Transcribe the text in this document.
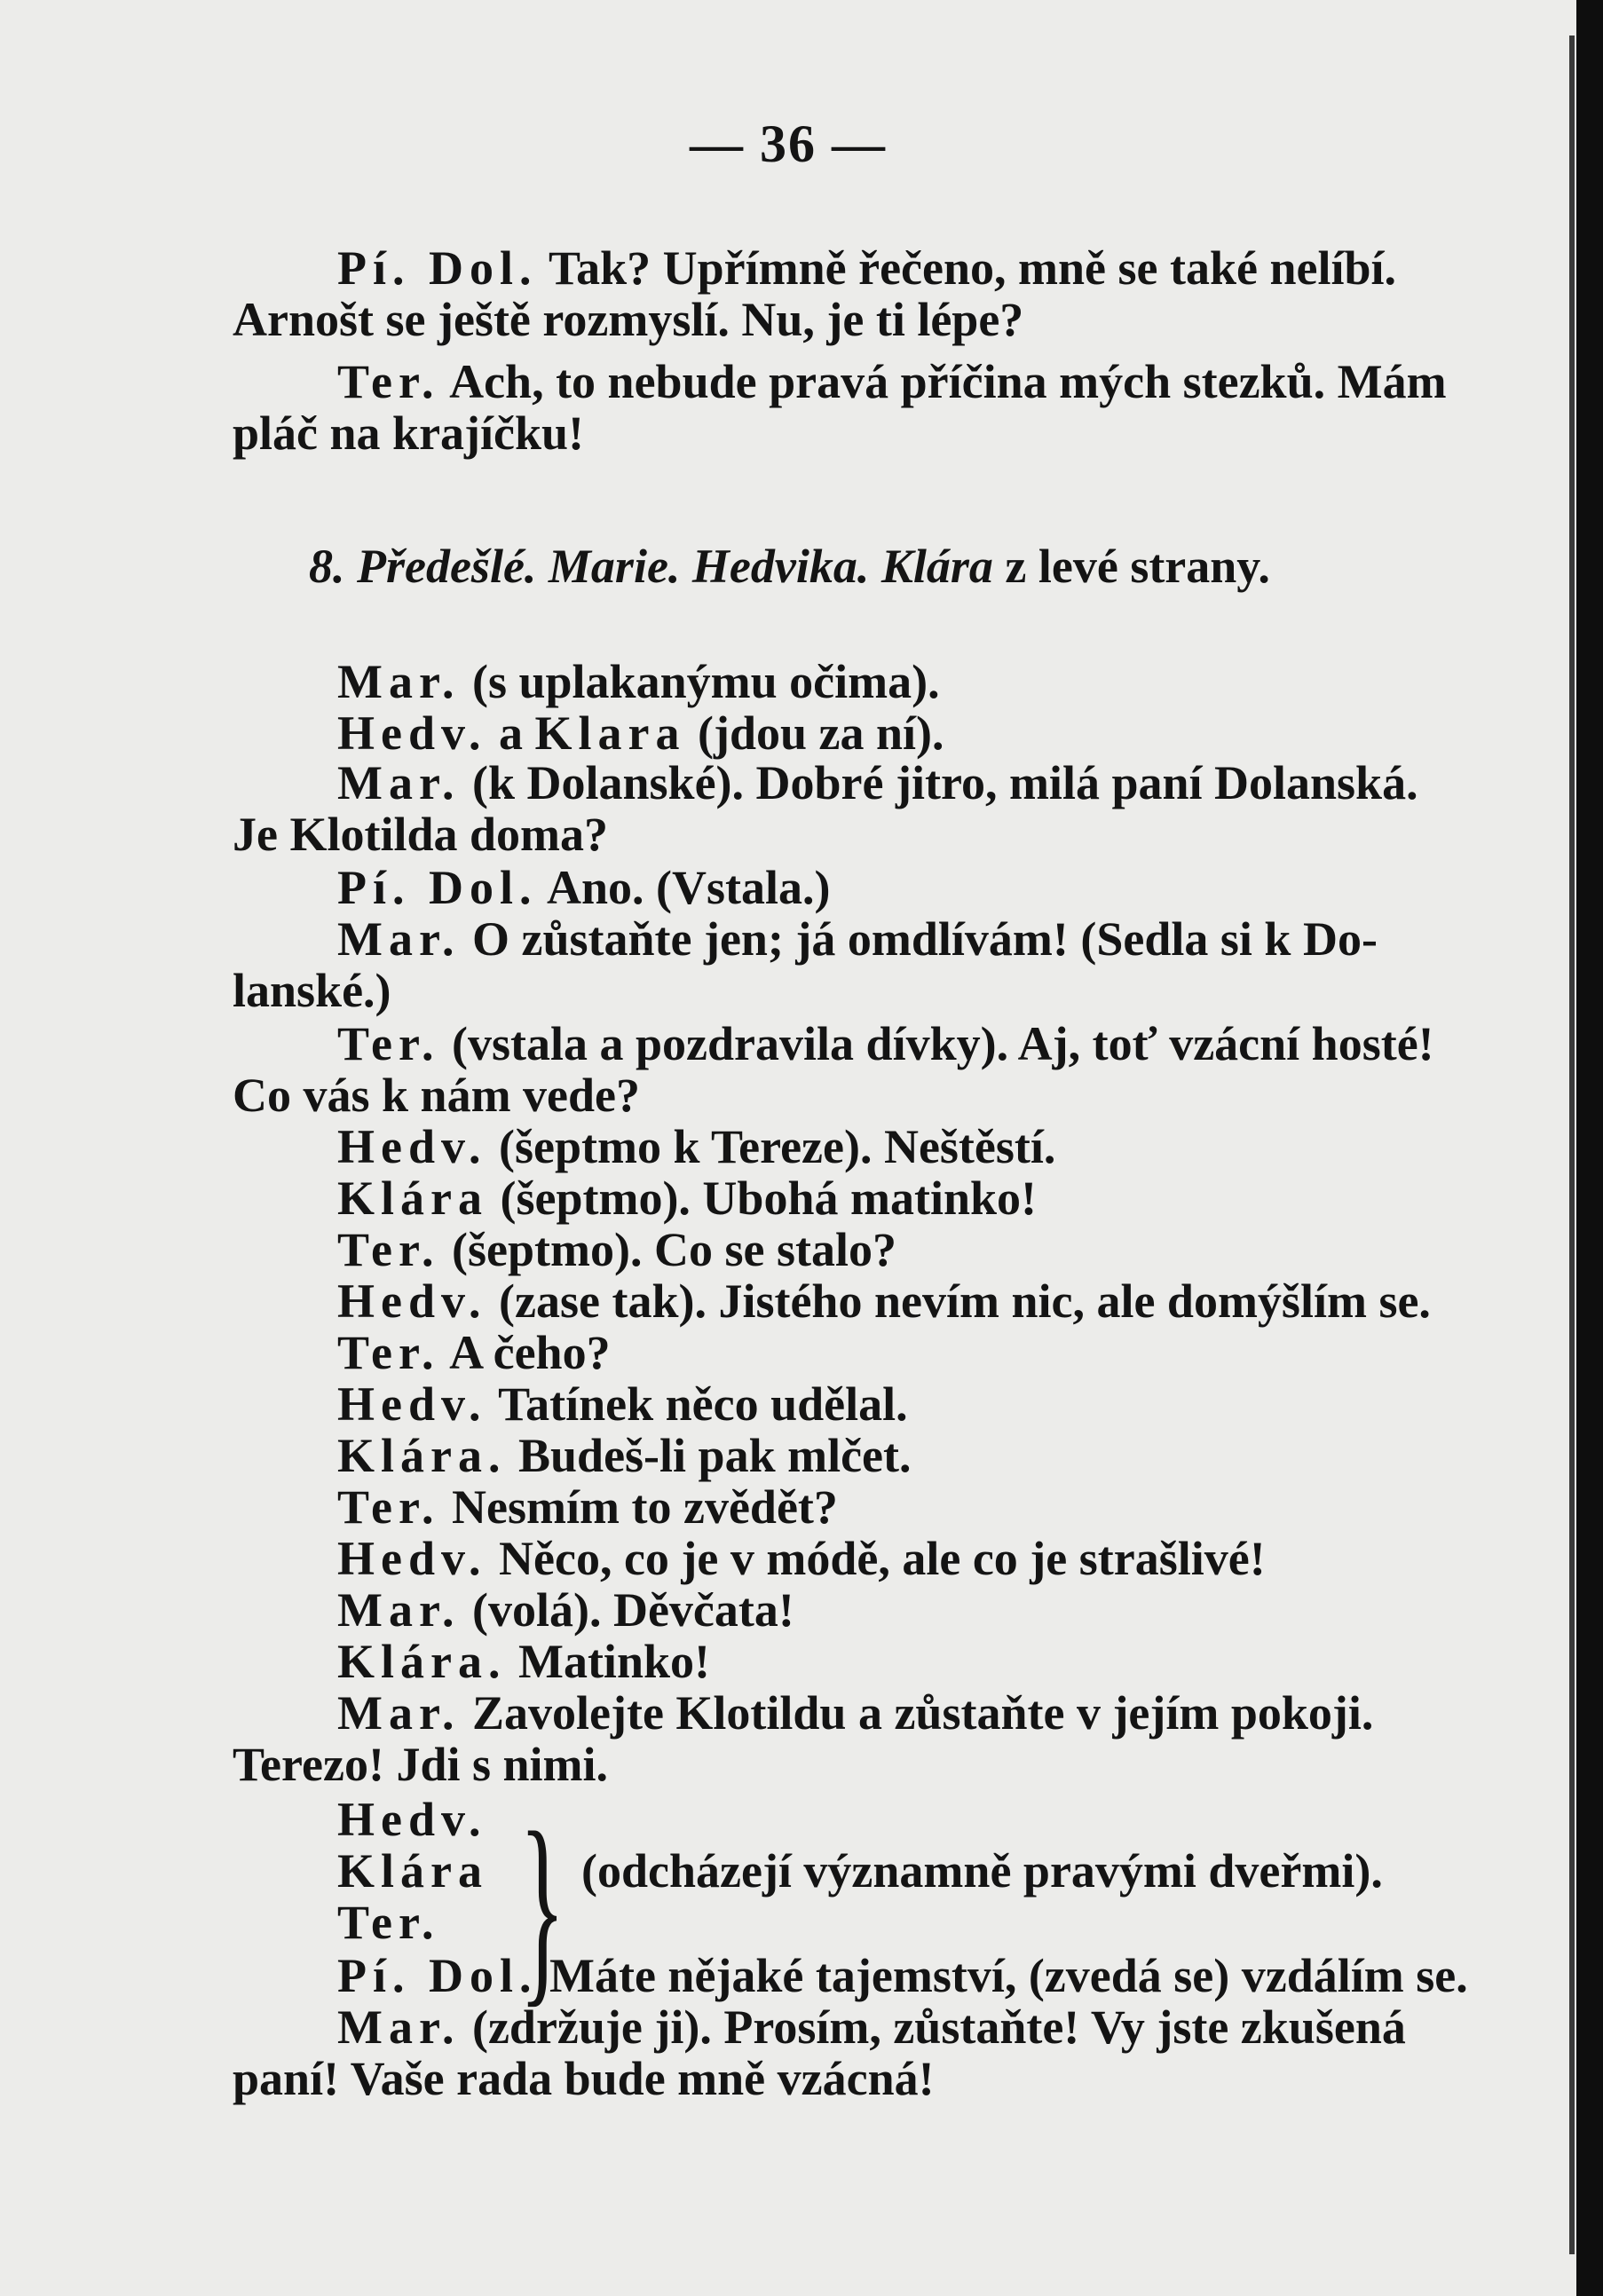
— 36 —
Pí. Dol. Tak? Upřímně řečeno, mně se také nelíbí.
Arnošt se ještě rozmyslí. Nu, je ti lépe?
Ter. Ach, to nebude pravá příčina mých stezků. Mám
pláč na krajíčku!
8. Předešlé. Marie. Hedvika. Klára z levé strany.
Mar. (s uplakanýmu očima).
Hedv. a Klara (jdou za ní).
Mar. (k Dolanské). Dobré jitro, milá paní Dolanská.
Je Klotilda doma?
Pí. Dol. Ano. (Vstala.)
Mar. O zůstaňte jen; já omdlívám! (Sedla si k Do-
lanské.)
Ter. (vstala a pozdravila dívky). Aj, toť vzácní hosté!
Co vás k nám vede?
Hedv. (šeptmo k Tereze). Neštěstí.
Klára (šeptmo). Ubohá matinko!
Ter. (šeptmo). Co se stalo?
Hedv. (zase tak). Jistého nevím nic, ale domýšlím se.
Ter. A čeho?
Hedv. Tatínek něco udělal.
Klára. Budeš-li pak mlčet.
Ter. Nesmím to zvědět?
Hedv. Něco, co je v módě, ale co je strašlivé!
Mar. (volá). Děvčata!
Klára. Matinko!
Mar. Zavolejte Klotildu a zůstaňte v jejím pokoji.
Terezo! Jdi s nimi.
Hedv.
Klára
Ter. } (odcházejí významně pravými dveřmi).
Pí. Dol. Máte nějaké tajemství, (zvedá se) vzdálím se.
Mar. (zdržuje ji). Prosím, zůstaňte! Vy jste zkušená
paní! Vaše rada bude mně vzácná!
